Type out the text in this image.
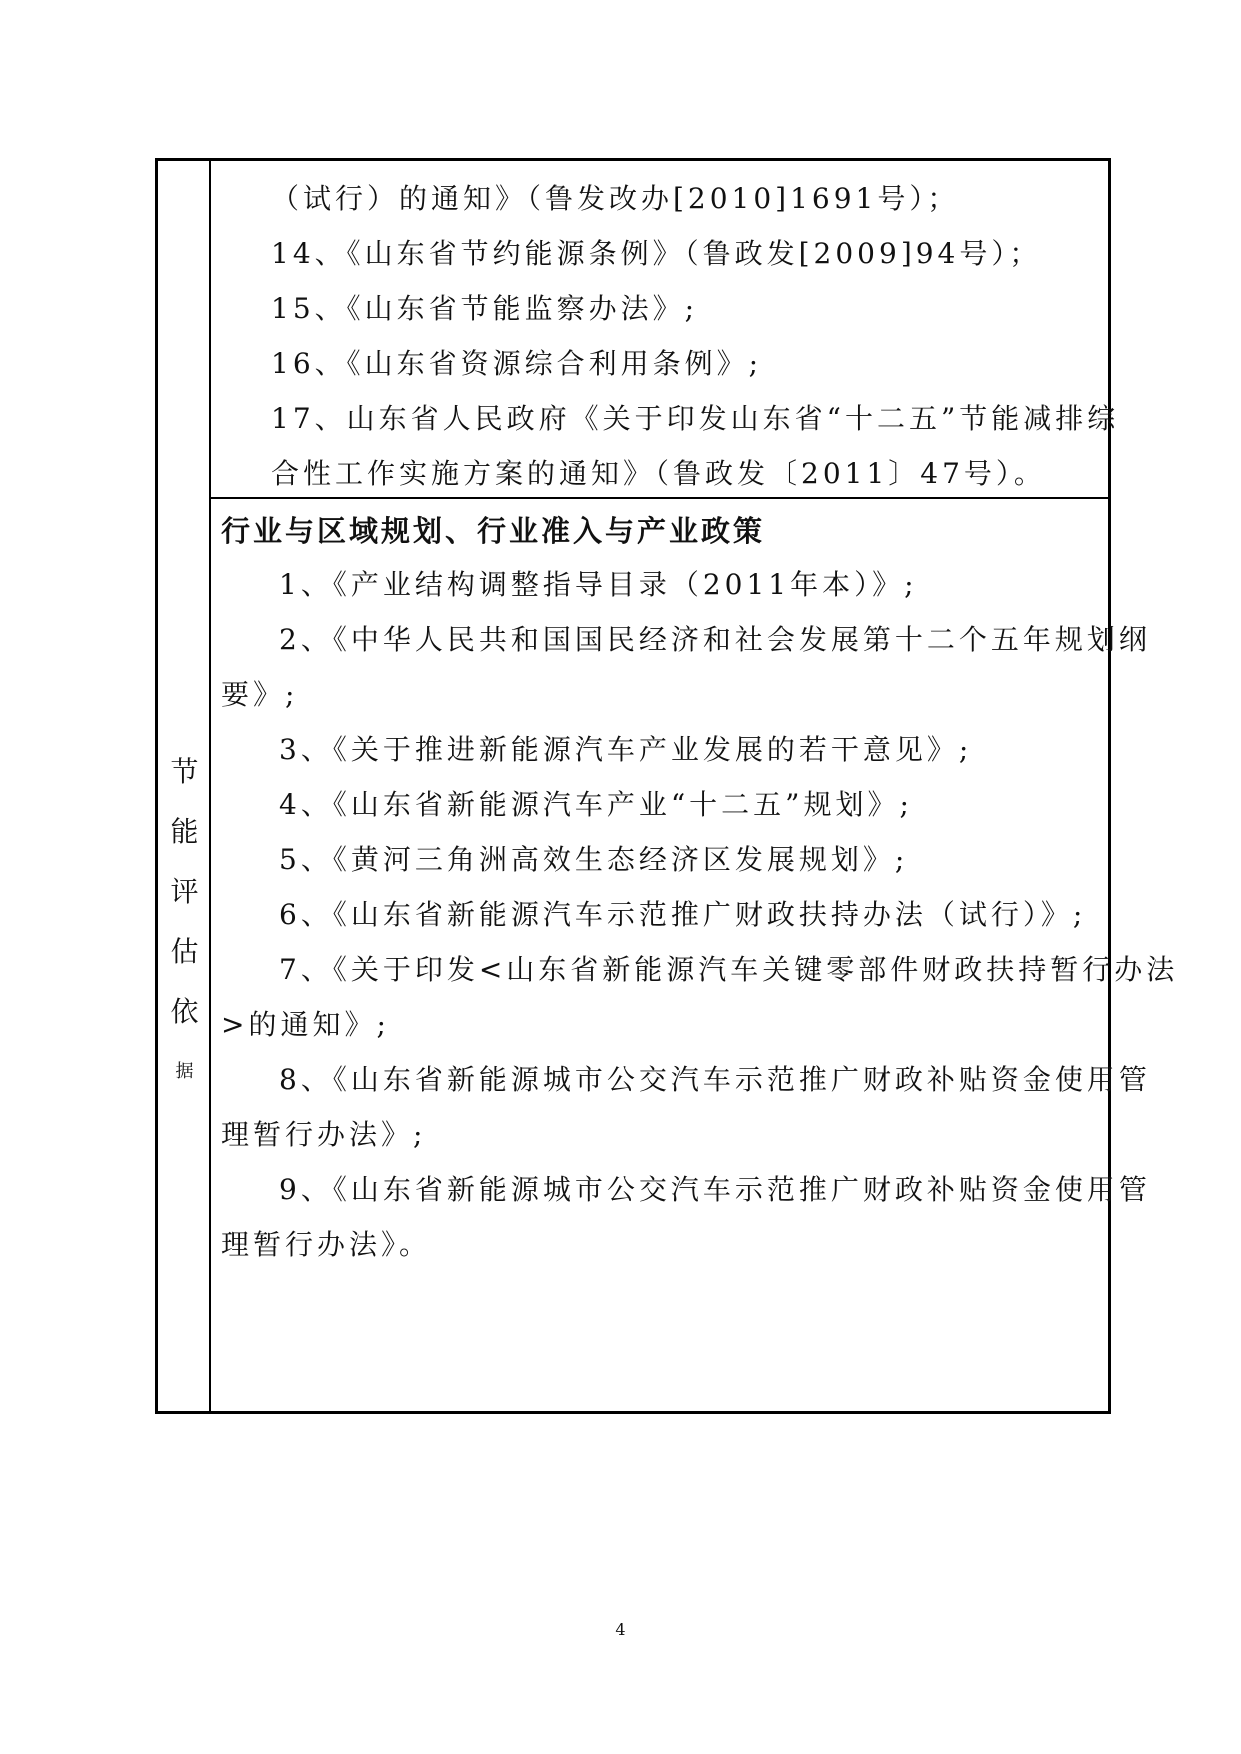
节
能
评
估
依
据
（试行）的通知》（鲁发改办[2010]1691号）；
14、《山东省节约能源条例》（鲁政发[2009]94号）；
15、《山东省节能监察办法》;
16、《山东省资源综合利用条例》;
17、山东省人民政府《关于印发山东省“十二五”节能减排综
合性工作实施方案的通知》（鲁政发〔2011〕47号）。
行业与区域规划、行业准入与产业政策
1、《产业结构调整指导目录（2011年本）》;
2、《中华人民共和国国民经济和社会发展第十二个五年规划纲
要》;
3、《关于推进新能源汽车产业发展的若干意见》;
4、《山东省新能源汽车产业“十二五”规划》;
5、《黄河三角洲高效生态经济区发展规划》;
6、《山东省新能源汽车示范推广财政扶持办法（试行）》;
7、《关于印发<山东省新能源汽车关键零部件财政扶持暂行办法
>的通知》;
8、《山东省新能源城市公交汽车示范推广财政补贴资金使用管
理暂行办法》;
9、《山东省新能源城市公交汽车示范推广财政补贴资金使用管
理暂行办法》。
4
